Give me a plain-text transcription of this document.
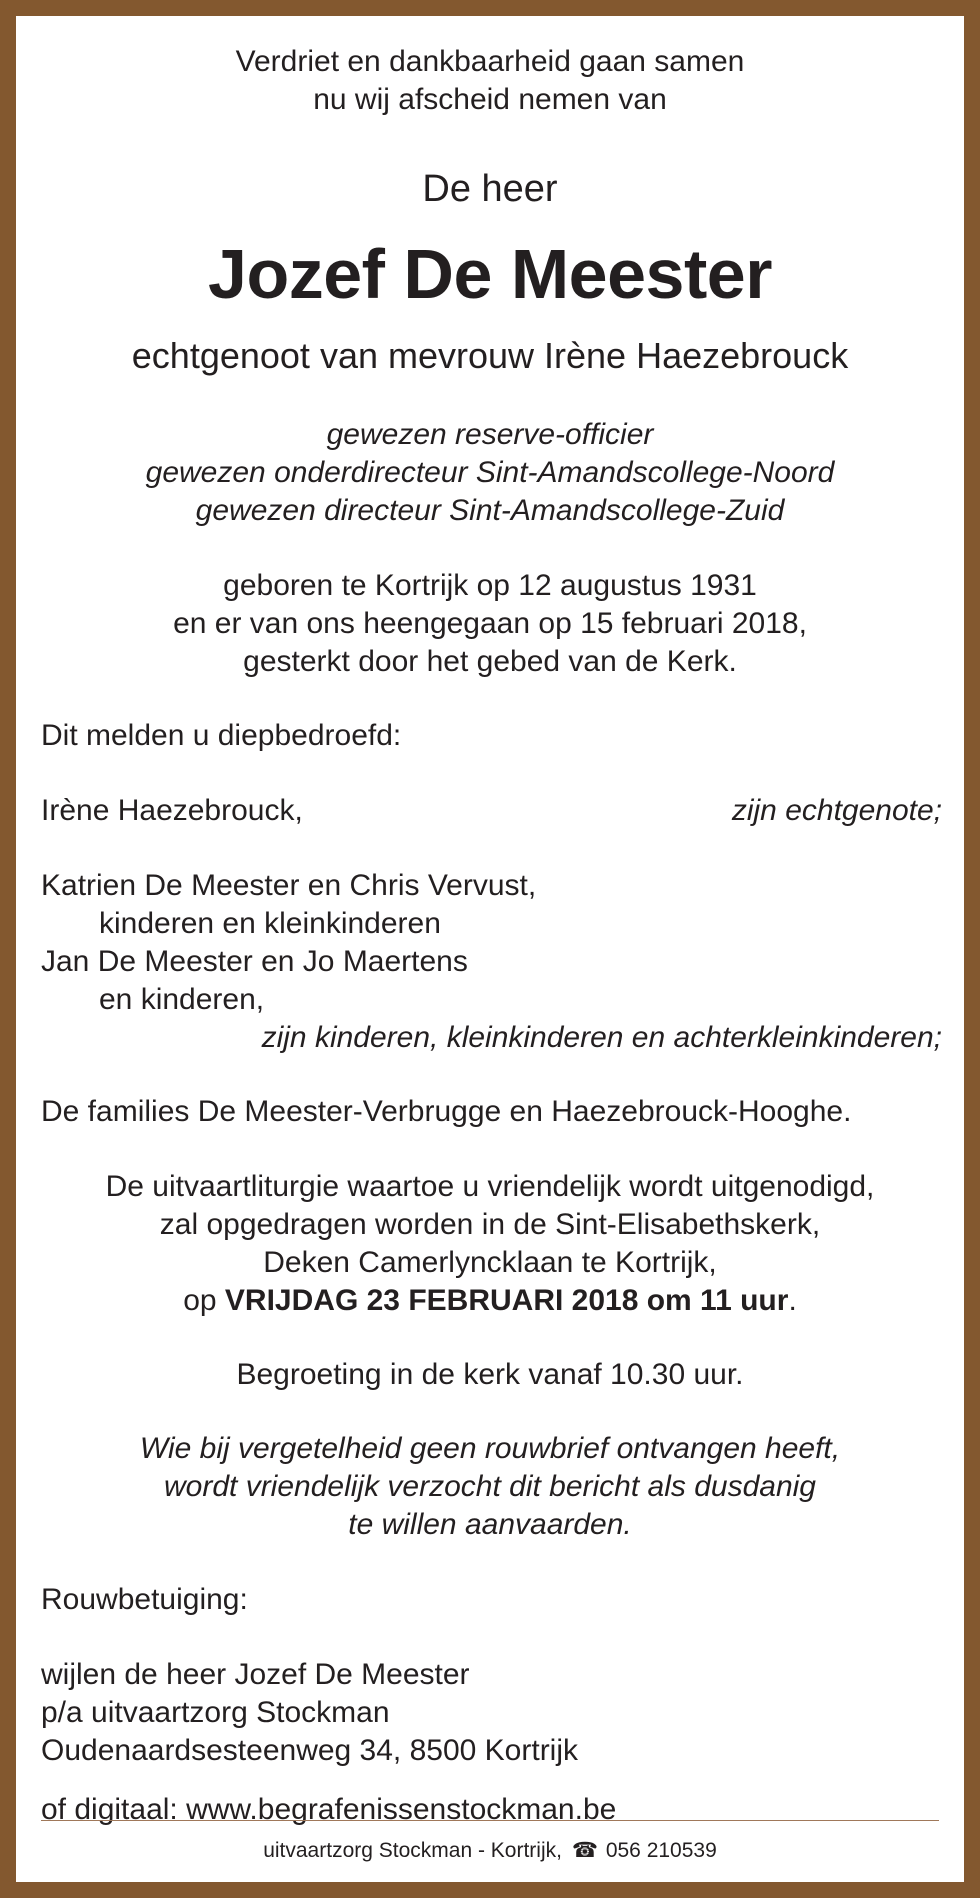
Verdriet en dankbaarheid gaan samen

nu wij afscheid nemen van

De heer

Jozef De Meester

echtgenoot van mevrouw Irène Haezebrouck

gewezen reserve-officier

gewezen onderdirecteur Sint-Amandscollege-Noord

gewezen directeur Sint-Amandscollege-Zuid

geboren te Kortrijk op 12 augustus 1931

en er van ons heengegaan op 15 februari 2018,

gesterkt door het gebed van de Kerk.

Dit melden u diepbedroefd:

Irène Haezebrouck,	zijn echtgenote;

Katrien De Meester en Chris Vervust,

kinderen en kleinkinderen

Jan De Meester en Jo Maertens

en kinderen,

zijn kinderen, kleinkinderen en achterkleinkinderen;

De families De Meester-Verbrugge en Haezebrouck-Hooghe.

De uitvaartliturgie waartoe u vriendelijk wordt uitgenodigd,

zal opgedragen worden in de Sint-Elisabethskerk,

Deken Camerlyncklaan te Kortrijk,

op VRIJDAG 23 FEBRUARI 2018 om 11 uur.

Begroeting in de kerk vanaf 10.30 uur.

Wie bij vergetelheid geen rouwbrief ontvangen heeft,

wordt vriendelijk verzocht dit bericht als dusdanig

te willen aanvaarden.

Rouwbetuiging:

wijlen de heer Jozef De Meester

p/a uitvaartzorg Stockman

Oudenaardsesteenweg 34, 8500 Kortrijk

of digitaal: www.begrafenissenstockman.be

uitvaartzorg Stockman - Kortrijk, ☎ 056 210539
